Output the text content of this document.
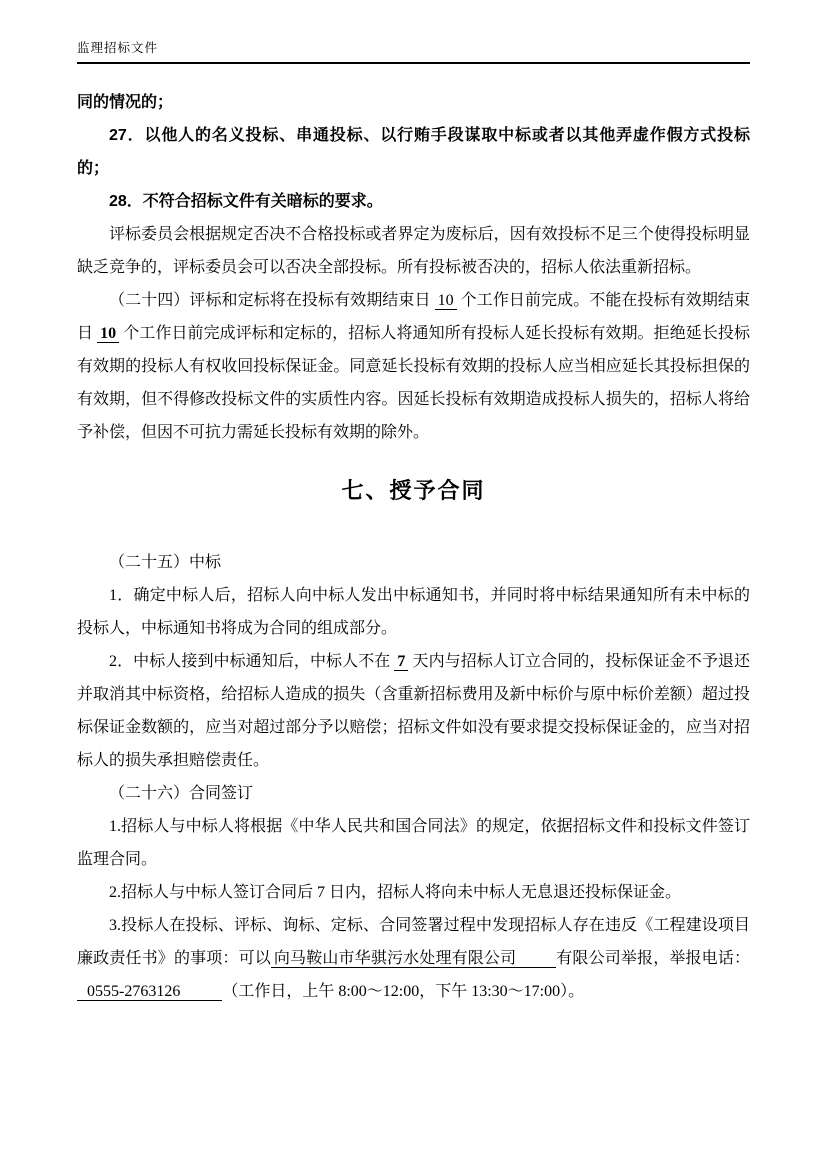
监理招标文件

同的情况的；

27．以他人的名义投标、串通投标、以行贿手段谋取中标或者以其他弄虚作假方式投标的；

28．不符合招标文件有关暗标的要求。

评标委员会根据规定否决不合格投标或者界定为废标后，因有效投标不足三个使得投标明显缺乏竞争的，评标委员会可以否决全部投标。所有投标被否决的，招标人依法重新招标。

（二十四）评标和定标将在投标有效期结束日 10 个工作日前完成。不能在投标有效期结束日 10 个工作日前完成评标和定标的，招标人将通知所有投标人延长投标有效期。拒绝延长投标有效期的投标人有权收回投标保证金。同意延长投标有效期的投标人应当相应延长其投标担保的有效期，但不得修改投标文件的实质性内容。因延长投标有效期造成投标人损失的，招标人将给予补偿，但因不可抗力需延长投标有效期的除外。

七、授予合同

（二十五）中标

1．确定中标人后，招标人向中标人发出中标通知书，并同时将中标结果通知所有未中标的投标人，中标通知书将成为合同的组成部分。

2．中标人接到中标通知后，中标人不在 7 天内与招标人订立合同的，投标保证金不予退还并取消其中标资格，给招标人造成的损失（含重新招标费用及新中标价与原中标价差额）超过投标保证金数额的，应当对超过部分予以赔偿；招标文件如没有要求提交投标保证金的，应当对招标人的损失承担赔偿责任。

（二十六）合同签订

1.招标人与中标人将根据《中华人民共和国合同法》的规定，依据招标文件和投标文件签订监理合同。

2.招标人与中标人签订合同后 7 日内，招标人将向未中标人无息退还投标保证金。

3.投标人在投标、评标、询标、定标、合同签署过程中发现招标人存在违反《工程建设项目廉政责任书》的事项：可以 向马鞍山市华骐污水处理有限公司	有限公司举报，举报电话：0555-2763126	（工作日，上午 8:00～12:00，下午 13:30～17:00）。
